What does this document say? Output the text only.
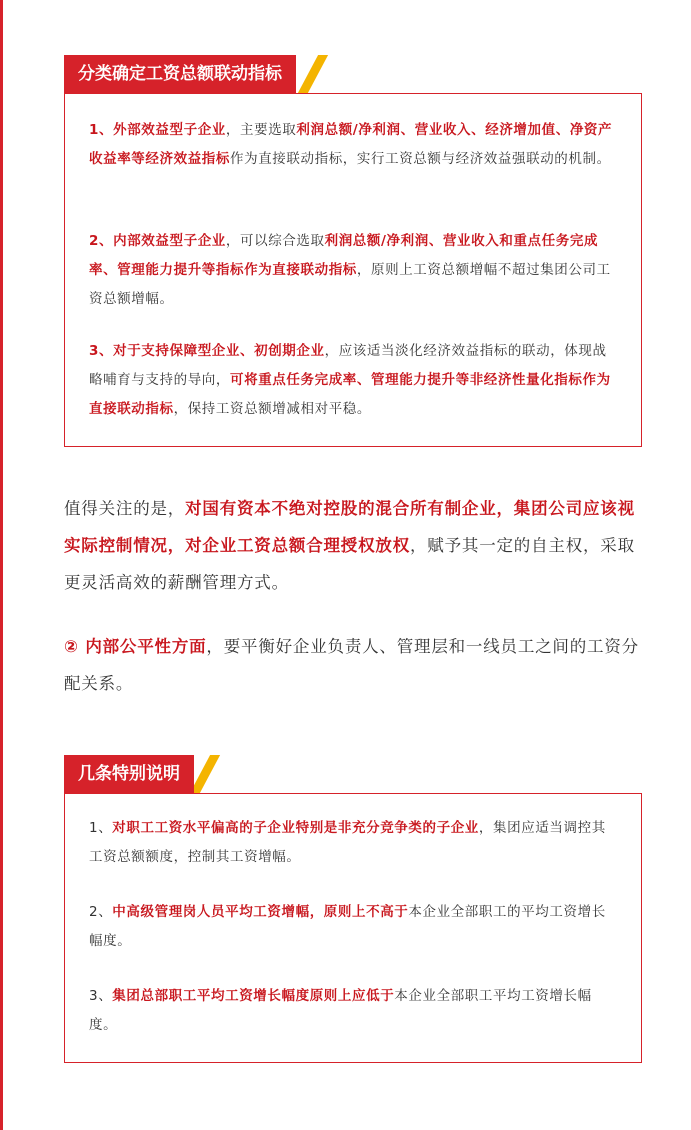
分类确定工资总额联动指标

1、外部效益型子企业，主要选取利润总额/净利润、营业收入、经济增加值、净资产收益率等经济效益指标作为直接联动指标，实行工资总额与经济效益强联动的机制。

2、内部效益型子企业，可以综合选取利润总额/净利润、营业收入和重点任务完成率、管理能力提升等指标作为直接联动指标，原则上工资总额增幅不超过集团公司工资总额增幅。

3、对于支持保障型企业、初创期企业，应该适当淡化经济效益指标的联动，体现战略哺育与支持的导向，可将重点任务完成率、管理能力提升等非经济性量化指标作为直接联动指标，保持工资总额增减相对平稳。

值得关注的是，对国有资本不绝对控股的混合所有制企业，集团公司应该视实际控制情况，对企业工资总额合理授权放权，赋予其一定的自主权，采取更灵活高效的薪酬管理方式。

② 内部公平性方面，要平衡好企业负责人、管理层和一线员工之间的工资分配关系。

几条特别说明

1、对职工工资水平偏高的子企业特别是非充分竞争类的子企业，集团应适当调控其工资总额额度，控制其工资增幅。

2、中高级管理岗人员平均工资增幅，原则上不高于本企业全部职工的平均工资增长幅度。

3、集团总部职工平均工资增长幅度原则上应低于本企业全部职工平均工资增长幅度。
